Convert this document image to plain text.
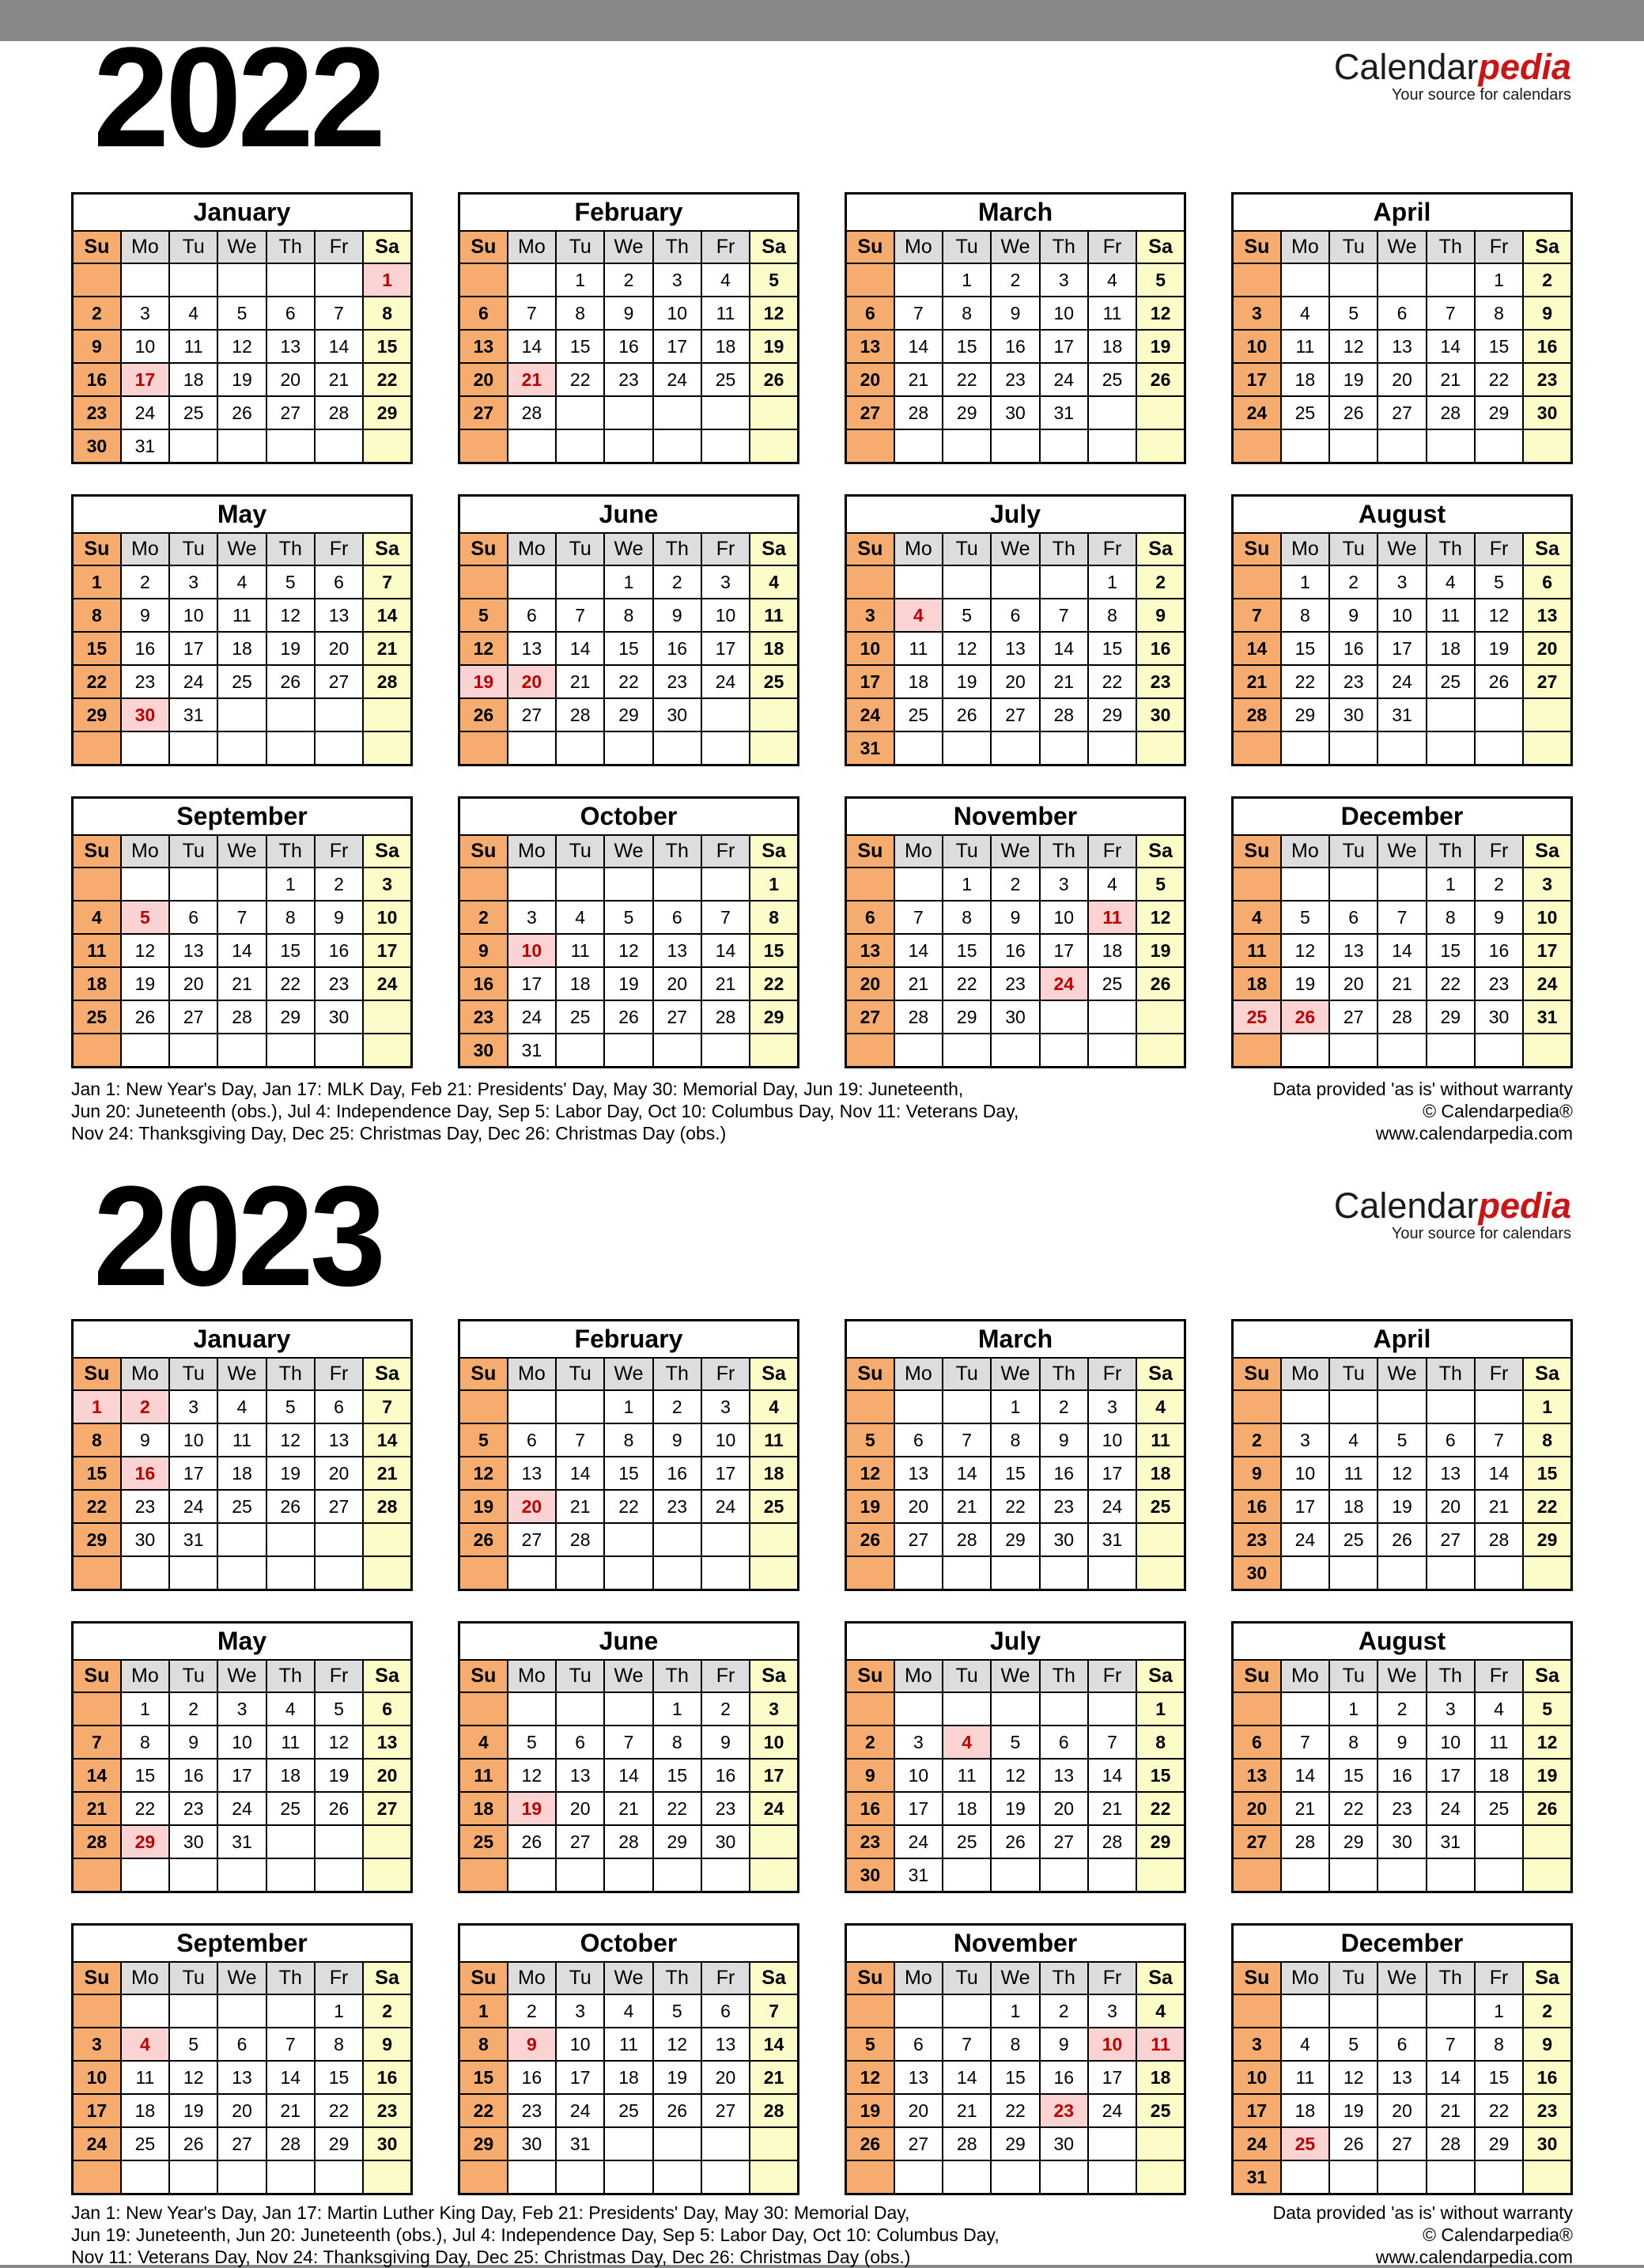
2022	Calendarpedia
Your source for calendars
January						
Su	Mo	Tu	We	Th	Fr	Sa
						1
2	3	4	5	6	7	8
9	10	11	12	13	14	15
16	17	18	19	20	21	22
23	24	25	26	27	28	29
30	31					
February						
Su	Mo	Tu	We	Th	Fr	Sa
		1	2	3	4	5
6	7	8	9	10	11	12
13	14	15	16	17	18	19
20	21	22	23	24	25	26
27	28					

March						
Su	Mo	Tu	We	Th	Fr	Sa
		1	2	3	4	5
6	7	8	9	10	11	12
13	14	15	16	17	18	19
20	21	22	23	24	25	26
27	28	29	30	31		

April						
Su	Mo	Tu	We	Th	Fr	Sa
					1	2
3	4	5	6	7	8	9
10	11	12	13	14	15	16
17	18	19	20	21	22	23
24	25	26	27	28	29	30

May						
Su	Mo	Tu	We	Th	Fr	Sa
1	2	3	4	5	6	7
8	9	10	11	12	13	14
15	16	17	18	19	20	21
22	23	24	25	26	27	28
29	30	31				

June						
Su	Mo	Tu	We	Th	Fr	Sa
			1	2	3	4
5	6	7	8	9	10	11
12	13	14	15	16	17	18
19	20	21	22	23	24	25
26	27	28	29	30		

July						
Su	Mo	Tu	We	Th	Fr	Sa
					1	2
3	4	5	6	7	8	9
10	11	12	13	14	15	16
17	18	19	20	21	22	23
24	25	26	27	28	29	30
31						
August						
Su	Mo	Tu	We	Th	Fr	Sa
	1	2	3	4	5	6
7	8	9	10	11	12	13
14	15	16	17	18	19	20
21	22	23	24	25	26	27
28	29	30	31			

September						
Su	Mo	Tu	We	Th	Fr	Sa
				1	2	3
4	5	6	7	8	9	10
11	12	13	14	15	16	17
18	19	20	21	22	23	24
25	26	27	28	29	30	

October						
Su	Mo	Tu	We	Th	Fr	Sa
						1
2	3	4	5	6	7	8
9	10	11	12	13	14	15
16	17	18	19	20	21	22
23	24	25	26	27	28	29
30	31					
November						
Su	Mo	Tu	We	Th	Fr	Sa
		1	2	3	4	5
6	7	8	9	10	11	12
13	14	15	16	17	18	19
20	21	22	23	24	25	26
27	28	29	30			

December						
Su	Mo	Tu	We	Th	Fr	Sa
				1	2	3
4	5	6	7	8	9	10
11	12	13	14	15	16	17
18	19	20	21	22	23	24
25	26	27	28	29	30	31

Jan 1: New Year's Day, Jan 17: MLK Day, Feb 21: Presidents' Day, May 30: Memorial Day, Jun 19: Juneteenth,
Jun 20: Juneteenth (obs.), Jul 4: Independence Day, Sep 5: Labor Day, Oct 10: Columbus Day, Nov 11: Veterans Day,
Nov 24: Thanksgiving Day, Dec 25: Christmas Day, Dec 26: Christmas Day (obs.)
Data provided 'as is' without warranty
© Calendarpedia®
www.calendarpedia.com
2023	Calendarpedia
Your source for calendars
January						
Su	Mo	Tu	We	Th	Fr	Sa
1	2	3	4	5	6	7
8	9	10	11	12	13	14
15	16	17	18	19	20	21
22	23	24	25	26	27	28
29	30	31				

February						
Su	Mo	Tu	We	Th	Fr	Sa
			1	2	3	4
5	6	7	8	9	10	11
12	13	14	15	16	17	18
19	20	21	22	23	24	25
26	27	28				

March						
Su	Mo	Tu	We	Th	Fr	Sa
			1	2	3	4
5	6	7	8	9	10	11
12	13	14	15	16	17	18
19	20	21	22	23	24	25
26	27	28	29	30	31	

April						
Su	Mo	Tu	We	Th	Fr	Sa
						1
2	3	4	5	6	7	8
9	10	11	12	13	14	15
16	17	18	19	20	21	22
23	24	25	26	27	28	29
30						
May						
Su	Mo	Tu	We	Th	Fr	Sa
	1	2	3	4	5	6
7	8	9	10	11	12	13
14	15	16	17	18	19	20
21	22	23	24	25	26	27
28	29	30	31			

June						
Su	Mo	Tu	We	Th	Fr	Sa
				1	2	3
4	5	6	7	8	9	10
11	12	13	14	15	16	17
18	19	20	21	22	23	24
25	26	27	28	29	30	

July						
Su	Mo	Tu	We	Th	Fr	Sa
						1
2	3	4	5	6	7	8
9	10	11	12	13	14	15
16	17	18	19	20	21	22
23	24	25	26	27	28	29
30	31					
August						
Su	Mo	Tu	We	Th	Fr	Sa
		1	2	3	4	5
6	7	8	9	10	11	12
13	14	15	16	17	18	19
20	21	22	23	24	25	26
27	28	29	30	31		

September						
Su	Mo	Tu	We	Th	Fr	Sa
					1	2
3	4	5	6	7	8	9
10	11	12	13	14	15	16
17	18	19	20	21	22	23
24	25	26	27	28	29	30

October						
Su	Mo	Tu	We	Th	Fr	Sa
1	2	3	4	5	6	7
8	9	10	11	12	13	14
15	16	17	18	19	20	21
22	23	24	25	26	27	28
29	30	31				

November						
Su	Mo	Tu	We	Th	Fr	Sa
			1	2	3	4
5	6	7	8	9	10	11
12	13	14	15	16	17	18
19	20	21	22	23	24	25
26	27	28	29	30		

December						
Su	Mo	Tu	We	Th	Fr	Sa
					1	2
3	4	5	6	7	8	9
10	11	12	13	14	15	16
17	18	19	20	21	22	23
24	25	26	27	28	29	30
31						
Jan 1: New Year's Day, Jan 17: Martin Luther King Day, Feb 21: Presidents' Day, May 30: Memorial Day,
Jun 19: Juneteenth, Jun 20: Juneteenth (obs.), Jul 4: Independence Day, Sep 5: Labor Day, Oct 10: Columbus Day,
Nov 11: Veterans Day, Nov 24: Thanksgiving Day, Dec 25: Christmas Day, Dec 26: Christmas Day (obs.)
Data provided 'as is' without warranty
© Calendarpedia®
www.calendarpedia.com
